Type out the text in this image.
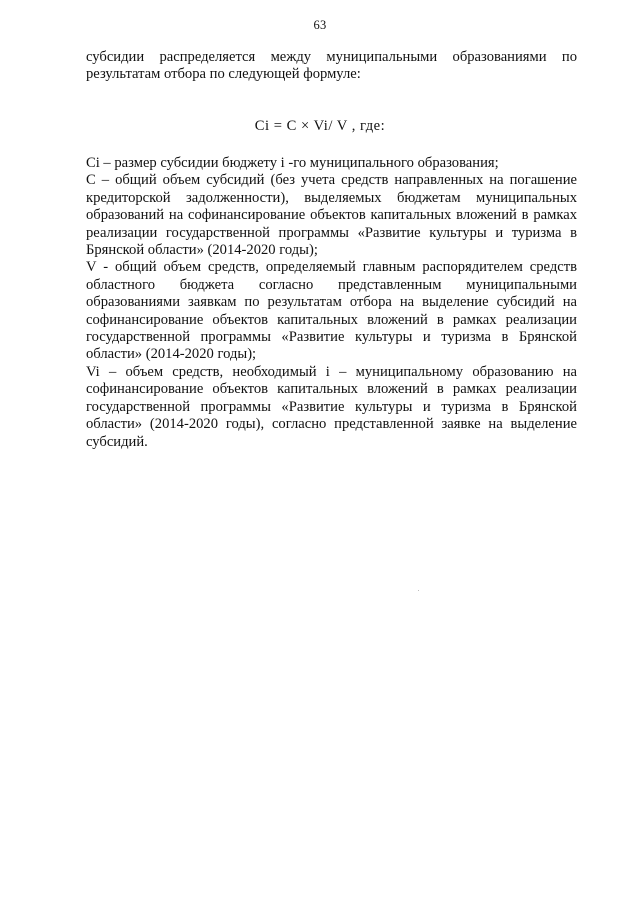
63
субсидии распределяется между муниципальными образованиями по результатам отбора по следующей формуле:
Ci = C × Vi/ V , где:

Ci – размер субсидии бюджету i -го муниципального образования;

С – общий объем субсидий (без учета средств направленных на погашение кредиторской задолженности), выделяемых бюджетам муниципальных образований на софинансирование объектов капитальных вложений в рамках реализации государственной программы «Развитие культуры и туризма в Брянской области» (2014-2020 годы);

V - общий объем средств, определяемый главным распорядителем средств областного бюджета согласно представленным муниципальными образованиями заявкам по результатам отбора на выделение субсидий на софинансирование объектов капитальных вложений в рамках реализации государственной программы «Развитие культуры и туризма в Брянской области» (2014-2020 годы);

Vi – объем средств, необходимый i – муниципальному образованию на софинансирование объектов капитальных вложений в рамках реализации государственной программы «Развитие культуры и туризма в Брянской области» (2014-2020 годы), согласно представленной заявке на выделение субсидий.
